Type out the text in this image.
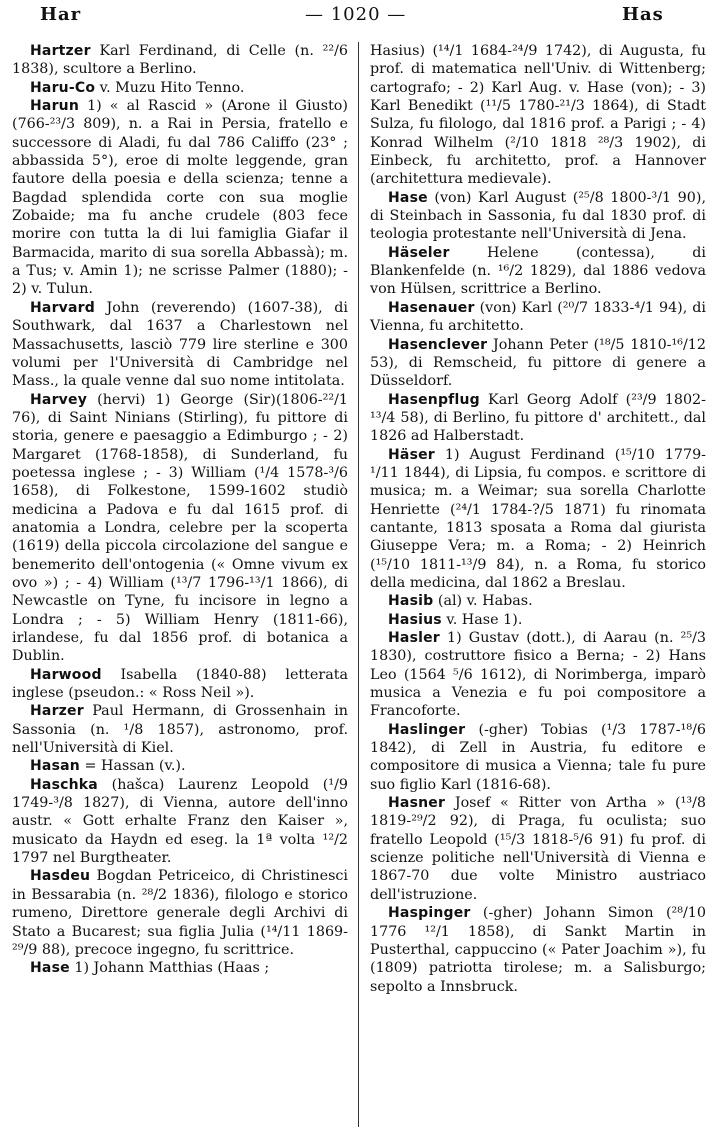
Har	— 1020 —	Has

Hartzer Karl Ferdinand, di Celle (n. ²²/6 1838), scultore a Berlino.

Haru-Co v. Muzu Hito Tenno.

Harun 1) « al Rascid » (Arone il Giusto) (766-²³/3 809), n. a Rai in Persia, fratello e successore di Aladi, fu dal 786 Califfo (23° ; abbassida 5°), eroe di molte leggende, gran fautore della poesia e della scienza; tenne a Bagdad splendida corte con sua moglie Zobaide; ma fu anche crudele (803 fece morire con tutta la di lui famiglia Giafar il Barmacida, marito di sua sorella Abbassà); m. a Tus; v. Amin 1); ne scrisse Palmer (1880); - 2) v. Tulun.

Harvard John (reverendo) (1607-38), di Southwark, dal 1637 a Charlestown nel Massachusetts, lasciò 779 lire sterline e 300 volumi per l'Università di Cambridge nel Mass., la quale venne dal suo nome intitolata.

Harvey (hervi) 1) George (Sir)(1806-²²/1 76), di Saint Ninians (Stirling), fu pittore di storia, genere e paesaggio a Edimburgo ; - 2) Margaret (1768-1858), di Sunderland, fu poetessa inglese ; - 3) William (¹/4 1578-³/6 1658), di Folkestone, 1599-1602 studiò medicina a Padova e fu dal 1615 prof. di anatomia a Londra, celebre per la scoperta (1619) della piccola circolazione del sangue e benemerito dell'ontogenia (« Omne vivum ex ovo ») ; - 4) William (¹³/7 1796-¹³/1 1866), di Newcastle on Tyne, fu incisore in legno a Londra ; - 5) William Henry (1811-66), irlandese, fu dal 1856 prof. di botanica a Dublin.

Harwood Isabella (1840-88) letterata inglese (pseudon.: « Ross Neil »).

Harzer Paul Hermann, di Grossenhain in Sassonia (n. ¹/8 1857), astronomo, prof. nell'Università di Kiel.

Hasan = Hassan (v.).

Haschka (hašca) Laurenz Leopold (¹/9 1749-³/8 1827), di Vienna, autore dell'inno austr. « Gott erhalte Franz den Kaiser », musicato da Haydn ed eseg. la 1ª volta ¹²/2 1797 nel Burgtheater.

Hasdeu Bogdan Petriceico, di Christinesci in Bessarabia (n. ²⁸/2 1836), filologo e storico rumeno, Direttore generale degli Archivi di Stato a Bucarest; sua figlia Julia (¹⁴/11 1869-²⁹/9 88), precoce ingegno, fu scrittrice.

Hase 1) Johann Matthias (Haas ;

Hasius) (¹⁴/1 1684-²⁴/9 1742), di Augusta, fu prof. di matematica nell'Univ. di Wittenberg; cartografo; - 2) Karl Aug. v. Hase (von); - 3) Karl Benedikt (¹¹/5 1780-²¹/3 1864), di Stadt Sulza, fu filologo, dal 1816 prof. a Parigi ; - 4) Konrad Wilhelm (²/10 1818 ²⁸/3 1902), di Einbeck, fu architetto, prof. a Hannover (architettura medievale).

Hase (von) Karl August (²⁵/8 1800-³/1 90), di Steinbach in Sassonia, fu dal 1830 prof. di teologia protestante nell'Università di Jena.

Häseler Helene (contessa), di Blankenfelde (n. ¹⁶/2 1829), dal 1886 vedova von Hülsen, scrittrice a Berlino.

Hasenauer (von) Karl (²⁰/7 1833-⁴/1 94), di Vienna, fu architetto.

Hasenclever Johann Peter (¹⁸/5 1810-¹⁶/12 53), di Remscheid, fu pittore di genere a Düsseldorf.

Hasenpflug Karl Georg Adolf (²³/9 1802-¹³/4 58), di Berlino, fu pittore d' architett., dal 1826 ad Halberstadt.

Häser 1) August Ferdinand (¹⁵/10 1779-¹/11 1844), di Lipsia, fu compos. e scrittore di musica; m. a Weimar; sua sorella Charlotte Henriette (²⁴/1 1784-?/5 1871) fu rinomata cantante, 1813 sposata a Roma dal giurista Giuseppe Vera; m. a Roma; - 2) Heinrich (¹⁵/10 1811-¹³/9 84), n. a Roma, fu storico della medicina, dal 1862 a Breslau.

Hasib (al) v. Habas.

Hasius v. Hase 1).

Hasler 1) Gustav (dott.), di Aarau (n. ²⁵/3 1830), costruttore fisico a Berna; - 2) Hans Leo (1564 ⁵/6 1612), di Norimberga, imparò musica a Venezia e fu poi compositore a Francoforte.

Haslinger (-gher) Tobias (¹/3 1787-¹⁸/6 1842), di Zell in Austria, fu editore e compositore di musica a Vienna; tale fu pure suo figlio Karl (1816-68).

Hasner Josef « Ritter von Artha » (¹³/8 1819-²⁹/2 92), di Praga, fu oculista; suo fratello Leopold (¹⁵/3 1818-⁵/6 91) fu prof. di scienze politiche nell'Università di Vienna e 1867-70 due volte Ministro austriaco dell'istruzione.

Haspinger (-gher) Johann Simon (²⁸/10 1776 ¹²/1 1858), di Sankt Martin in Pusterthal, cappuccino (« Pater Joachim »), fu (1809) patriotta tirolese; m. a Salisburgo; sepolto a Innsbruck.
